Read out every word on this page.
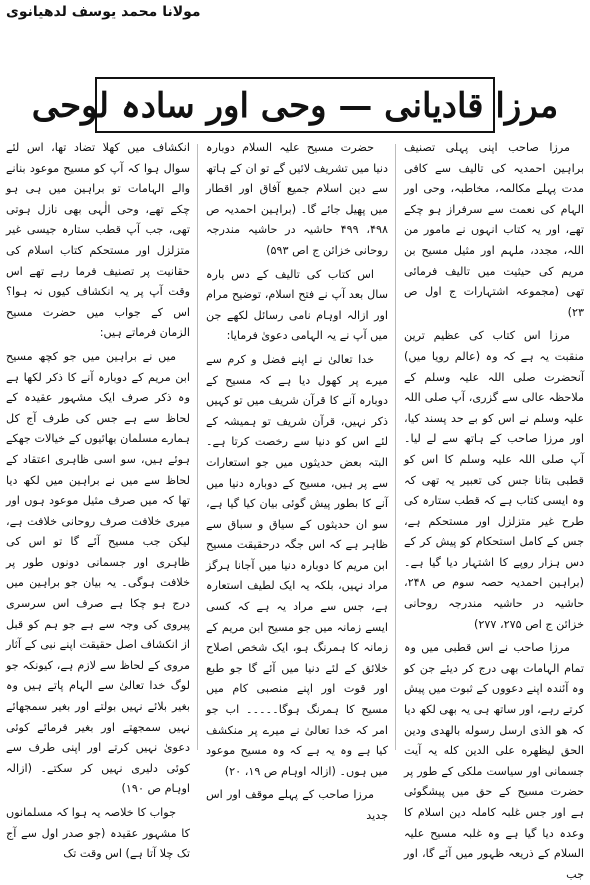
مولانا محمد یوسف لدھیانوی
مرزا قادیانی — وحی اور سادہ لوحی

مرزا صاحب اپنی پہلی تصنیف براہین احمدیہ کی تالیف سے کافی مدت پہلے مکالمہ، مخاطبہ، وحی اور الہام کی نعمت سے سرفراز ہو چکے تھے، اور یہ کتاب انہوں نے مامور من اللہ، مجدد، ملہم اور مثیل مسیح بن مریم کی حیثیت میں تالیف فرمائی تھی (مجموعہ اشتہارات ج اول ص ۲۳)

مرزا اس کتاب کی عظیم ترین منقبت یہ ہے کہ وہ (عالم رویا میں) آنحضرت صلی اللہ علیہ وسلم کے ملاحظہ عالی سے گزری، آپ صلی اللہ علیہ وسلم نے اس کو بے حد پسند کیا، اور مرزا صاحب کے ہاتھ سے لے لیا۔ آپ صلی اللہ علیہ وسلم کا اس کو قطبی بتانا جس کی تعبیر یہ تھی کہ وہ ایسی کتاب ہے کہ قطب ستارہ کی طرح غیر متزلزل اور مستحکم ہے، جس کے کامل استحکام کو پیش کر کے دس ہزار روپے کا اشتہار دیا گیا ہے۔ (براہین احمدیہ حصہ سوم ص ۲۴۸، حاشیہ در حاشیہ مندرجہ روحانی خزائن ج اص ۲۷۵، ۲۷۷)

مرزا صاحب نے اس قطبی میں وہ تمام الہامات بھی درج کر دیئے جن کو وہ آئندہ اپنے دعووں کے ثبوت میں پیش کرتے رہے، اور ساتھ ہی یہ بھی لکھ دیا کہ هو الذی ارسل رسوله بالهدی ودین الحق لیظهره علی الدین کله یہ آیت جسمانی اور سیاست ملکی کے طور پر حضرت مسیح کے حق میں پیشگوئی ہے اور جس غلبہ کاملہ دین اسلام کا وعدہ دیا گیا ہے وہ غلبہ مسیح علیہ السلام کے ذریعہ ظہور میں آئے گا، اور جب

حضرت مسیح علیہ السلام دوبارہ دنیا میں تشریف لائیں گے تو ان کے ہاتھ سے دین اسلام جمیع آفاق اور اقطار میں پھیل جائے گا۔ (براہین احمدیہ ص ۴۹۸، ۴۹۹ حاشیہ در حاشیہ مندرجہ روحانی خزائن ج اص ۵۹۳)

اس کتاب کی تالیف کے دس بارہ سال بعد آپ نے فتح اسلام، توضیح مرام اور ازالہ اوہام نامی رسائل لکھے جن میں آپ نے یہ الہامی دعویٰ فرمایا:

خدا تعالیٰ نے اپنے فضل و کرم سے میرے پر کھول دیا ہے کہ مسیح کے دوبارہ آنے کا قرآن شریف میں تو کہیں ذکر نہیں، قرآن شریف تو ہمیشہ کے لئے اس کو دنیا سے رخصت کرتا ہے۔ البتہ بعض حدیثوں میں جو استعارات سے پر ہیں، مسیح کے دوبارہ دنیا میں آنے کا بطور پیش گوئی بیان کیا گیا ہے، سو ان حدیثوں کے سیاق و سباق سے ظاہر ہے کہ اس جگہ درحقیقت مسیح ابن مریم کا دوبارہ دنیا میں آجانا ہرگز مراد نہیں، بلکہ یہ ایک لطیف استعارہ ہے، جس سے مراد یہ ہے کہ کسی ایسے زمانہ میں جو مسیح ابن مریم کے زمانہ کا ہمرنگ ہو، ایک شخص اصلاح خلائق کے لئے دنیا میں آئے گا جو طبع اور قوت اور اپنے منصبی کام میں مسیح کا ہمرنگ ہوگا۔۔۔۔۔ اب جو امر کہ خدا تعالیٰ نے میرے پر منکشف کیا ہے وہ یہ ہے کہ وہ مسیح موعود میں ہوں۔ (ازالہ اوہام ص ۱۹، ۲۰)

مرزا صاحب کے پہلے موقف اور اس جدید

انکشاف میں کھلا تضاد تھا، اس لئے سوال ہوا کہ آپ کو مسیح موعود بنانے والے الہامات تو براہین میں ہی ہو چکے تھے، وحی الٰہی بھی نازل ہوتی تھی، جب آپ قطب ستارہ جیسی غیر متزلزل اور مستحکم کتاب اسلام کی حقانیت پر تصنیف فرما رہے تھے اس وقت آپ پر یہ انکشاف کیوں نہ ہوا؟ اس کے جواب میں حضرت مسیح الزمان فرماتے ہیں:

میں نے براہین میں جو کچھ مسیح ابن مریم کے دوبارہ آنے کا ذکر لکھا ہے وہ ذکر صرف ایک مشہور عقیدہ کے لحاظ سے ہے جس کی طرف آج کل ہمارے مسلمان بھائیوں کے خیالات جھکے ہوئے ہیں، سو اسی ظاہری اعتقاد کے لحاظ سے میں نے براہین میں لکھ دیا تھا کہ میں صرف مثیل موعود ہوں اور میری خلافت صرف روحانی خلافت ہے، لیکن جب مسیح آئے گا تو اس کی ظاہری اور جسمانی دونوں طور پر خلافت ہوگی۔ یہ بیان جو براہین میں درج ہو چکا ہے صرف اس سرسری پیروی کی وجہ سے ہے جو ہم کو قبل از انکشاف اصل حقیقت اپنے نبی کے آثار مروی کے لحاظ سے لازم ہے، کیونکہ جو لوگ خدا تعالیٰ سے الہام پاتے ہیں وہ بغیر بلائے نہیں بولتے اور بغیر سمجھائے نہیں سمجھتے اور بغیر فرمائے کوئی دعویٰ نہیں کرتے اور اپنی طرف سے کوئی دلیری نہیں کر سکتے۔ (ازالہ اوہام ص ۱۹۰)

جواب کا خلاصہ یہ ہوا کہ مسلمانوں کا مشہور عقیدہ (جو صدر اول سے آج تک چلا آتا ہے) اس وقت تک
